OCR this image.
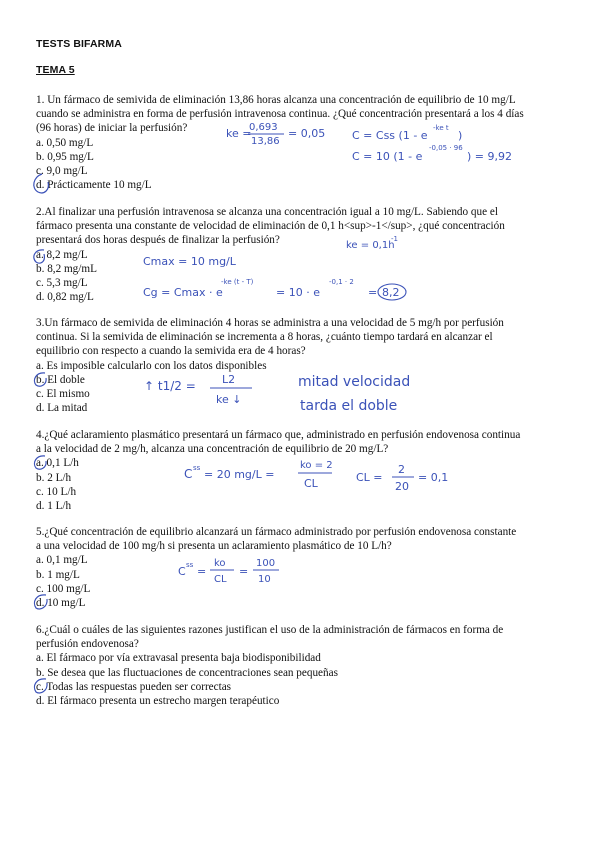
TESTS BIFARMA
TEMA 5
1. Un fármaco de semivida de eliminación 13,86 horas alcanza una concentración de equilibrio de 10 mg/L
cuando se administra en forma de perfusión intravenosa continua. ¿Qué concentración presentará a los 4 días
(96 horas) de iniciar la perfusión?
a. 0,50 mg/L
b. 0,95 mg/L
c. 9,0 mg/L
d. Prácticamente 10 mg/L
2.Al finalizar una perfusión intravenosa se alcanza una concentración igual a 10 mg/L. Sabiendo que el
fármaco presenta una constante de velocidad de eliminación de 0,1 h<sup>-1</sup>, ¿qué concentración
presentará dos horas después de finalizar la perfusión?
a. 8,2 mg/L
b. 8,2 mg/mL
c. 5,3 mg/L
d. 0,82 mg/L
3.Un fármaco de semivida de eliminación 4 horas se administra a una velocidad de 5 mg/h por perfusión
continua. Si la semivida de eliminación se incrementa a 8 horas, ¿cuánto tiempo tardará en alcanzar el
equilibrio con respecto a cuando la semivida era de 4 horas?
a. Es imposible calcularlo con los datos disponibles
b. El doble
c. El mismo
d. La mitad
4.¿Qué aclaramiento plasmático presentará un fármaco que, administrado en perfusión endovenosa continua
a la velocidad de 2 mg/h, alcanza una concentración de equilibrio de 20 mg/L?
a. 0,1 L/h
b. 2 L/h
c. 10 L/h
d. 1 L/h
5.¿Qué concentración de equilibrio alcanzará un fármaco administrado por perfusión endovenosa constante
a una velocidad de 100 mg/h si presenta un aclaramiento plasmático de 10 L/h?
a. 0,1 mg/L
b. 1 mg/L
c. 100 mg/L
d. 10 mg/L
6.¿Cuál o cuáles de las siguientes razones justifican el uso de la administración de fármacos en forma de
perfusión endovenosa?
a. El fármaco por vía extravasal presenta baja biodisponibilidad
b. Se desea que las fluctuaciones de concentraciones sean pequeñas
c. Todas las respuestas pueden ser correctas
d. El fármaco presenta un estrecho margen terapéutico
ke =
0,693
13,86
= 0,05 C = Css (1 - e
-ke t
)
C = 10 (1 - e
-0,05 · 96
) = 9,92
ke = 0,1h
-1
Cmax = 10 mg/L
Cg = Cmax · e
-ke (t - T)
= 10 · e
-0,1 · 2
= 8,2
↑ t1/2 = L2
ke ↓
mitad velocidad
tarda el doble
C ss = 20 mg/L =
ko = 2
CL	CL =
2
20
= 0,1
C ss =
ko
CL
=
100
10
